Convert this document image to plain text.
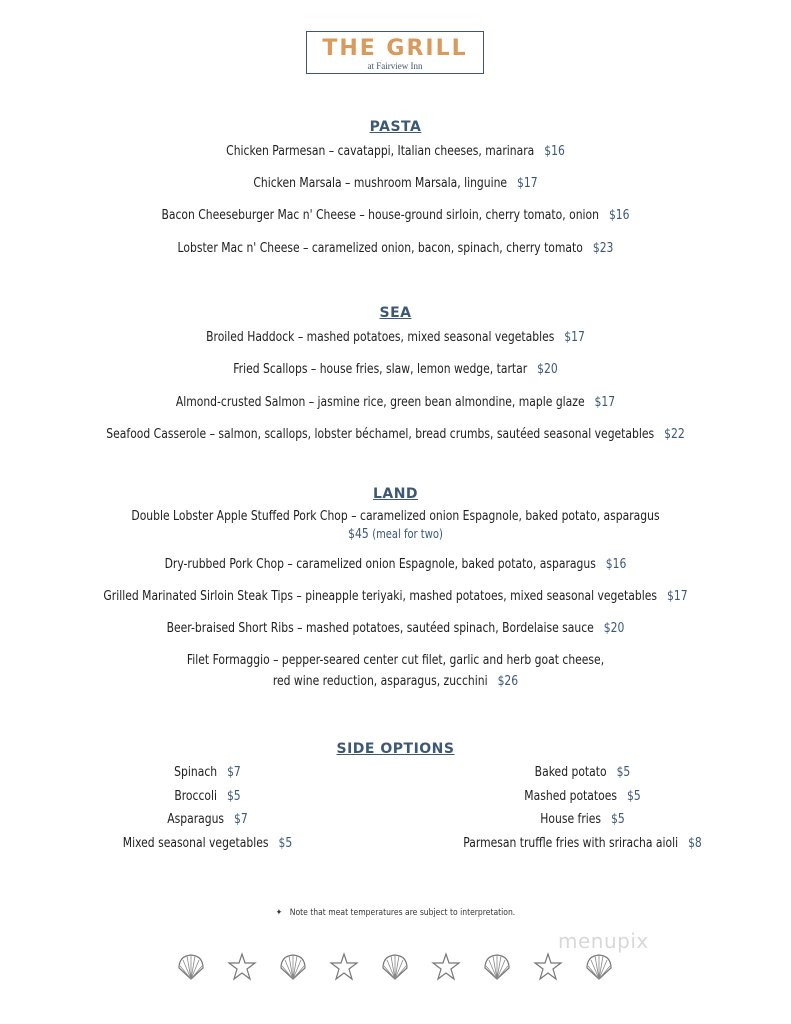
THE GRILL
at Fairview Inn
PASTA
Chicken Parmesan – cavatappi, Italian cheeses, marinara $16
Chicken Marsala – mushroom Marsala, linguine $17
Bacon Cheeseburger Mac n' Cheese – house-ground sirloin, cherry tomato, onion $16
Lobster Mac n' Cheese – caramelized onion, bacon, spinach, cherry tomato $23
SEA
Broiled Haddock – mashed potatoes, mixed seasonal vegetables $17
Fried Scallops – house fries, slaw, lemon wedge, tartar $20
Almond-crusted Salmon – jasmine rice, green bean almondine, maple glaze $17
Seafood Casserole – salmon, scallops, lobster béchamel, bread crumbs, sautéed seasonal vegetables $22
LAND
Double Lobster Apple Stuffed Pork Chop – caramelized onion Espagnole, baked potato, asparagus
$45 (meal for two)
Dry-rubbed Pork Chop – caramelized onion Espagnole, baked potato, asparagus $16
Grilled Marinated Sirloin Steak Tips – pineapple teriyaki, mashed potatoes, mixed seasonal vegetables $17
Beer-braised Short Ribs – mashed potatoes, sautéed spinach, Bordelaise sauce $20
Filet Formaggio – pepper-seared center cut filet, garlic and herb goat cheese,
red wine reduction, asparagus, zucchini $26
SIDE OPTIONS
Spinach $7
Broccoli $5
Asparagus $7
Mixed seasonal vegetables $5
Baked potato $5
Mashed potatoes $5
House fries $5
Parmesan truffle fries with sriracha aioli $8
✦ Note that meat temperatures are subject to interpretation.
menupix
